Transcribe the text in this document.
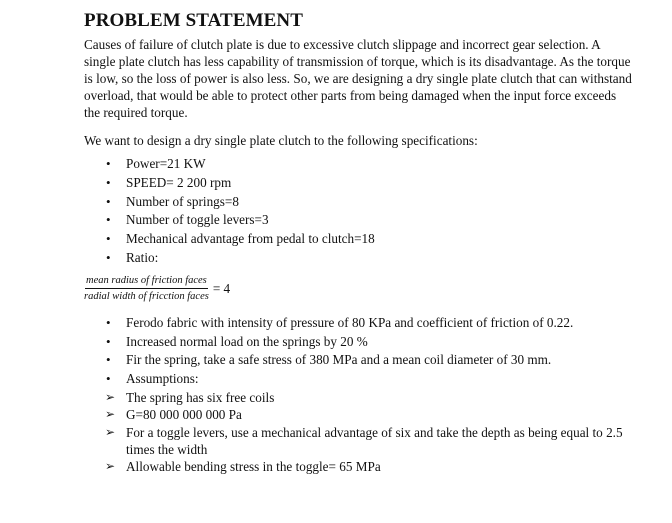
PROBLEM STATEMENT

Causes of failure of clutch plate is due to excessive clutch slippage and incorrect gear selection. A single plate clutch has less capability of transmission of torque, which is its disadvantage. As the torque is low, so the loss of power is also less. So, we are designing a dry single plate clutch that can withstand overload, that would be able to protect other parts from being damaged when the input force exceeds the required torque.

We want to design a dry single plate clutch to the following specifications:

• Power=21 KW
• SPEED= 2 200 rpm
• Number of springs=8
• Number of toggle levers=3
• Mechanical advantage from pedal to clutch=18
• Ratio:
$\frac{\text{mean radius of friction faces}}{\text{radial width of fricction faces}} = 4$
• Ferodo fabric with intensity of pressure of 80 KPa and coefficient of friction of 0.22.
• Increased normal load on the springs by 20 %
• Fir the spring, take a safe stress of 380 MPa and a mean coil diameter of 30 mm.
• Assumptions:
➢ The spring has six free coils
➢ G=80 000 000 000 Pa
➢ For a toggle levers, use a mechanical advantage of six and take the depth as being equal to 2.5 times the width
➢ Allowable bending stress in the toggle= 65 MPa
